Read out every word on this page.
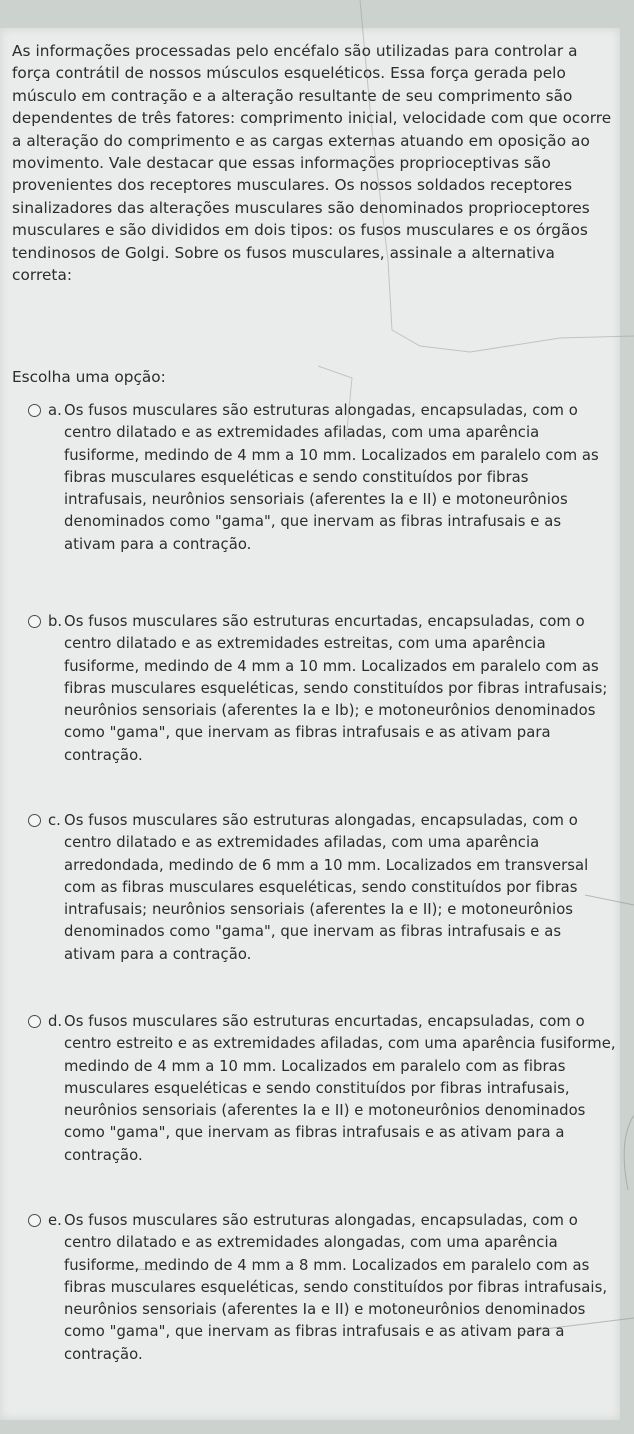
As informações processadas pelo encéfalo são utilizadas para controlar a força contrátil de nossos músculos esqueléticos. Essa força gerada pelo músculo em contração e a alteração resultante de seu comprimento são dependentes de três fatores: comprimento inicial, velocidade com que ocorre a alteração do comprimento e as cargas externas atuando em oposição ao movimento. Vale destacar que essas informações proprioceptivas são provenientes dos receptores musculares. Os nossos soldados receptores sinalizadores das alterações musculares são denominados proprioceptores musculares e são divididos em dois tipos: os fusos musculares e os órgãos tendinosos de Golgi. Sobre os fusos musculares, assinale a alternativa correta:

Escolha uma opção:
a. Os fusos musculares são estruturas alongadas, encapsuladas, com o centro dilatado e as extremidades afiladas, com uma aparência fusiforme, medindo de 4 mm a 10 mm. Localizados em paralelo com as fibras musculares esqueléticas e sendo constituídos por fibras intrafusais, neurônios sensoriais (aferentes Ia e II) e motoneurônios denominados como "gama", que inervam as fibras intrafusais e as ativam para a contração.
b. Os fusos musculares são estruturas encurtadas, encapsuladas, com o centro dilatado e as extremidades estreitas, com uma aparência fusiforme, medindo de 4 mm a 10 mm. Localizados em paralelo com as fibras musculares esqueléticas, sendo constituídos por fibras intrafusais; neurônios sensoriais (aferentes Ia e Ib); e motoneurônios denominados como "gama", que inervam as fibras intrafusais e as ativam para contração.
c. Os fusos musculares são estruturas alongadas, encapsuladas, com o centro dilatado e as extremidades afiladas, com uma aparência arredondada, medindo de 6 mm a 10 mm. Localizados em transversal com as fibras musculares esqueléticas, sendo constituídos por fibras intrafusais; neurônios sensoriais (aferentes Ia e II); e motoneurônios denominados como "gama", que inervam as fibras intrafusais e as ativam para a contração.
d. Os fusos musculares são estruturas encurtadas, encapsuladas, com o centro estreito e as extremidades afiladas, com uma aparência fusiforme, medindo de 4 mm a 10 mm. Localizados em paralelo com as fibras musculares esqueléticas e sendo constituídos por fibras intrafusais, neurônios sensoriais (aferentes Ia e II) e motoneurônios denominados como "gama", que inervam as fibras intrafusais e as ativam para a contração.
e. Os fusos musculares são estruturas alongadas, encapsuladas, com o centro dilatado e as extremidades alongadas, com uma aparência fusiforme, medindo de 4 mm a 8 mm. Localizados em paralelo com as fibras musculares esqueléticas, sendo constituídos por fibras intrafusais, neurônios sensoriais (aferentes Ia e II) e motoneurônios denominados como "gama", que inervam as fibras intrafusais e as ativam para a contração.
